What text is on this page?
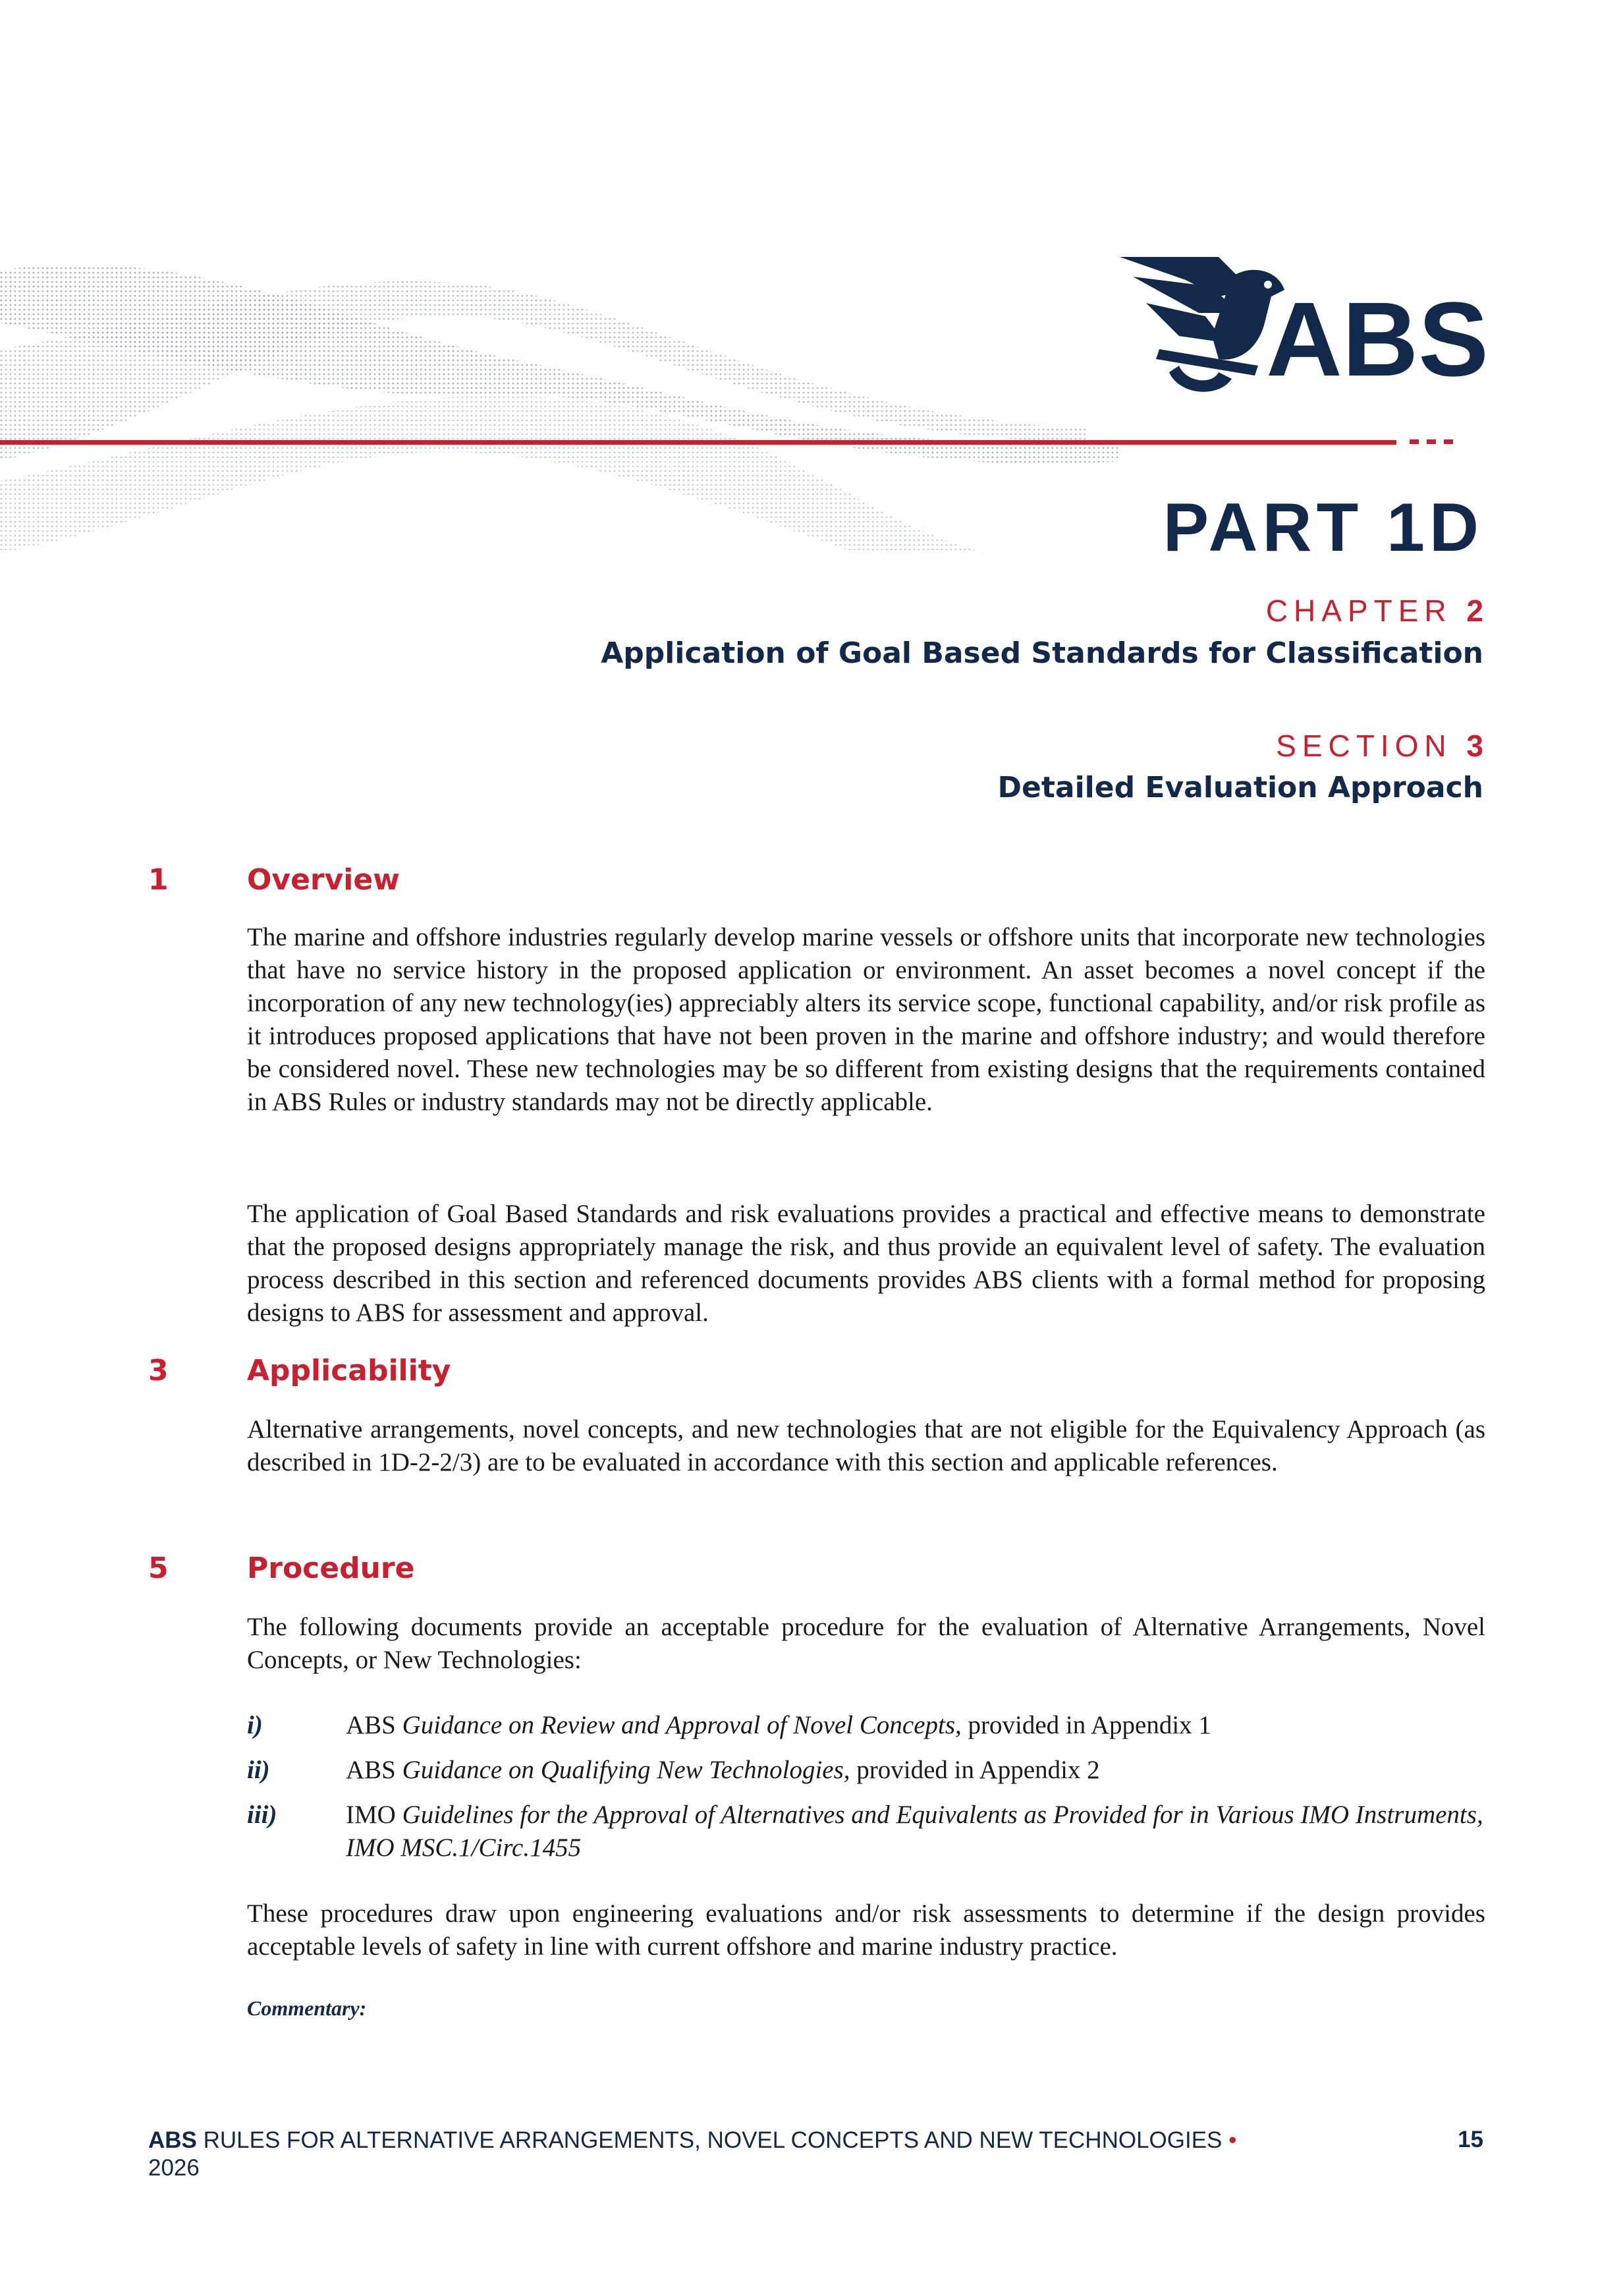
ABS
PART 1D
CHAPTER 2
Application of Goal Based Standards for Classification
SECTION 3
Detailed Evaluation Approach
1	Overview

The marine and offshore industries regularly develop marine vessels or offshore units that incorporate new technologies that have no service history in the proposed application or environment. An asset becomes a novel concept if the incorporation of any new technology(ies) appreciably alters its service scope, functional capability, and/or risk profile as it introduces proposed applications that have not been proven in the marine and offshore industry; and would therefore be considered novel. These new technologies may be so different from existing designs that the requirements contained in ABS Rules or industry standards may not be directly applicable.

The application of Goal Based Standards and risk evaluations provides a practical and effective means to demonstrate that the proposed designs appropriately manage the risk, and thus provide an equivalent level of safety. The evaluation process described in this section and referenced documents provides ABS clients with a formal method for proposing designs to ABS for assessment and approval.

3	Applicability

Alternative arrangements, novel concepts, and new technologies that are not eligible for the Equivalency Approach (as described in 1D-2-2/3) are to be evaluated in accordance with this section and applicable references.

5	Procedure

The following documents provide an acceptable procedure for the evaluation of Alternative Arrangements, Novel Concepts, or New Technologies:

i)	ABS Guidance on Review and Approval of Novel Concepts, provided in Appendix 1

ii)	ABS Guidance on Qualifying New Technologies, provided in Appendix 2

iii)	IMO Guidelines for the Approval of Alternatives and Equivalents as Provided for in Various IMO Instruments, IMO MSC.1/Circ.1455

These procedures draw upon engineering evaluations and/or risk assessments to determine if the design provides acceptable levels of safety in line with current offshore and marine industry practice.

Commentary:
ABS RULES FOR ALTERNATIVE ARRANGEMENTS, NOVEL CONCEPTS AND NEW TECHNOLOGIES •
2026
15
